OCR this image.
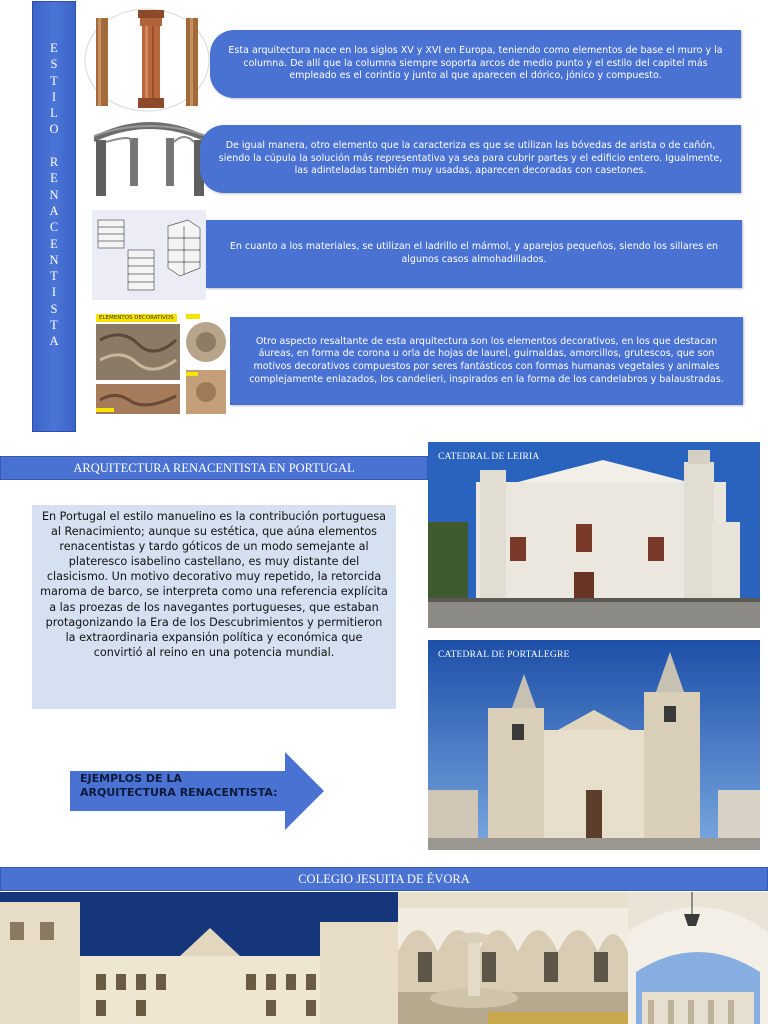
E
S
T
I
L
O
R
E
N
A
C
E
N
T
I
S
T
A

Esta arquitectura nace en los siglos XV y XVI en Europa, teniendo como elementos de base el muro y la columna. De allí que la columna siempre soporta arcos de medio punto y el estilo del capitel más empleado es el corintio y junto al que aparecen el dórico, jónico y compuesto.

De igual manera, otro elemento que la caracteriza es que se utilizan las bóvedas de arista o de cañón, siendo la cúpula la solución más representativa ya sea para cubrir partes y el edificio entero. Igualmente, las adinteladas también muy usadas, aparecen decoradas con casetones.

En cuanto a los materiales, se utilizan el ladrillo el mármol, y aparejos pequeños, siendo los sillares en algunos casos almohadillados.

ELEMENTOS DECORATIVOS

Otro aspecto resaltante de esta arquitectura son los elementos decorativos, en los que destacan áureas, en forma de corona u orla de hojas de laurel, guirnaldas, amorcillos, grutescos, que son motivos decorativos compuestos por seres fantásticos con formas humanas vegetales y animales complejamente enlazados, los candelieri, inspirados en la forma de los candelabros y balaustradas.

ARQUITECTURA RENACENTISTA EN PORTUGAL

En Portugal el estilo manuelino es la contribución portuguesa al Renacimiento; aunque su estética, que aúna elementos renacentistas y tardo góticos de un modo semejante al plateresco isabelino castellano, es muy distante del clasicismo. Un motivo decorativo muy repetido, la retorcida maroma de barco, se interpreta como una referencia explícita a las proezas de los navegantes portugueses, que estaban protagonizando la Era de los Descubrimientos y permitieron la extraordinaria expansión política y económica que convirtió al reino en una potencia mundial.

EJEMPLOS DE LA ARQUITECTURA RENACENTISTA:
CATEDRAL DE LEIRIA
CATEDRAL DE PORTALEGRE
COLEGIO JESUITA DE ÉVORA
